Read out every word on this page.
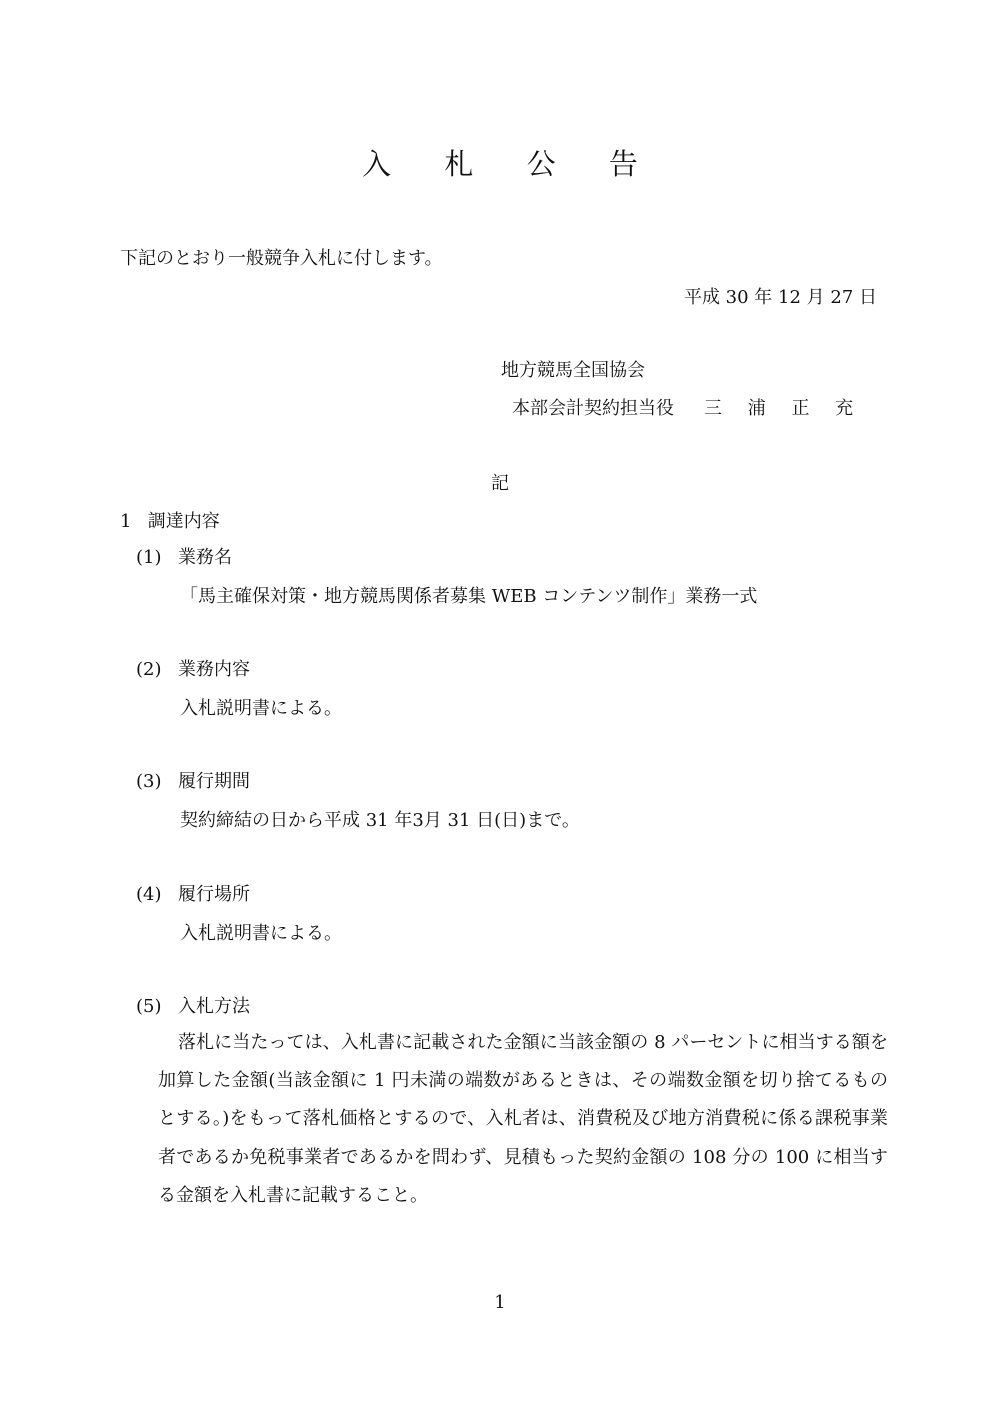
入 札 公 告
下記のとおり一般競争入札に付します。
平成 30 年 12 月 27 日
地方競馬全国協会
本部会計契約担当役 三 浦 正 充
記
1 調達内容
(1) 業務名
「馬主確保対策・地方競馬関係者募集 WEB コンテンツ制作」業務一式
(2) 業務内容
入札説明書による。
(3) 履行期間
契約締結の日から平成 31 年3月 31 日(日)まで。
(4) 履行場所
入札説明書による。
(5) 入札方法
落札に当たっては、入札書に記載された金額に当該金額の 8 パーセントに相当する額を加算した金額(当該金額に 1 円未満の端数があるときは、その端数金額を切り捨てるものとする。)をもって落札価格とするので、入札者は、消費税及び地方消費税に係る課税事業者であるか免税事業者であるかを問わず、見積もった契約金額の 108 分の 100 に相当する金額を入札書に記載すること。
1
